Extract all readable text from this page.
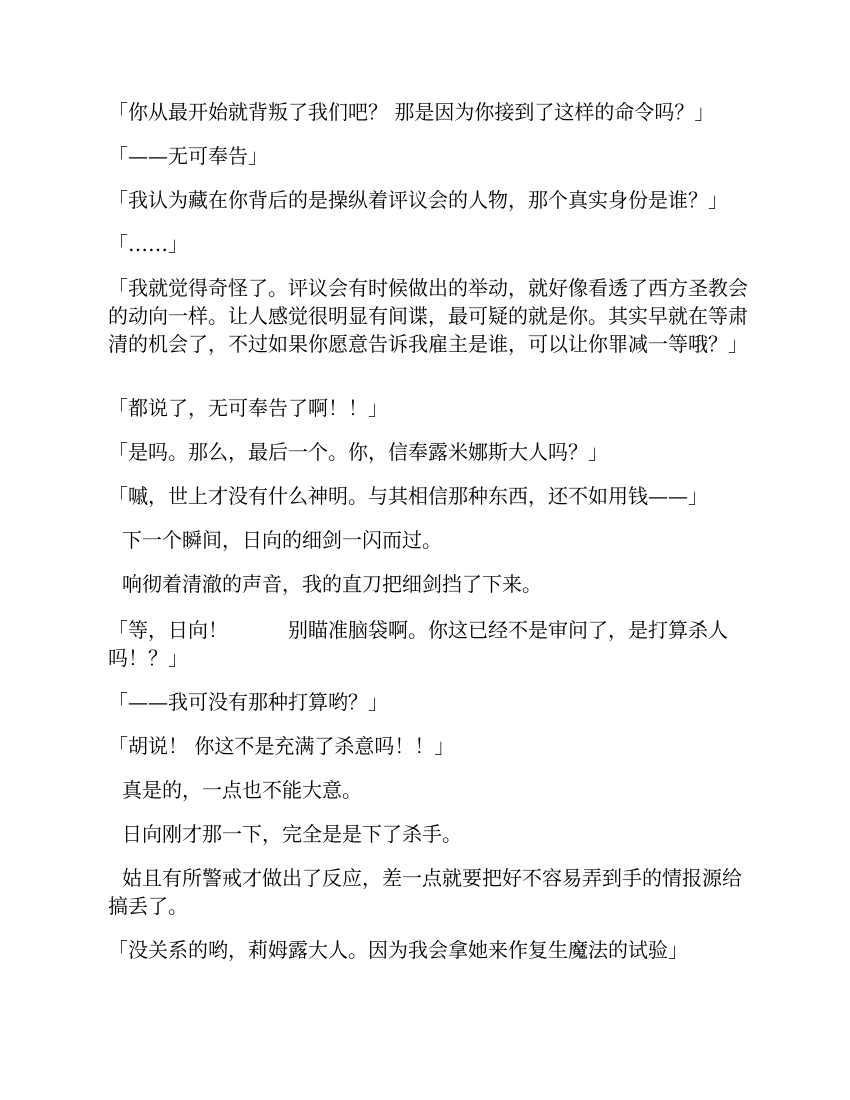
「你从最开始就背叛了我们吧？ 那是因为你接到了这样的命令吗？」

「——无可奉告」

「我认为藏在你背后的是操纵着评议会的人物，那个真实身份是谁？」

「……」

「我就觉得奇怪了。评议会有时候做出的举动，就好像看透了西方圣教会的动向一样。让人感觉很明显有间谍，最可疑的就是你。其实早就在等肃清的机会了，不过如果你愿意告诉我雇主是谁，可以让你罪减一等哦？」

「都说了，无可奉告了啊！！」

「是吗。那么，最后一个。你，信奉露米娜斯大人吗？」

「嘁，世上才没有什么神明。与其相信那种东西，还不如用钱——」

下一个瞬间，日向的细剑一闪而过。

响彻着清澈的声音，我的直刀把细剑挡了下来。

「等，日向！　　　别瞄准脑袋啊。你这已经不是审问了，是打算杀人吗！？」

「——我可没有那种打算哟？」

「胡说！ 你这不是充满了杀意吗！！」

真是的，一点也不能大意。

日向刚才那一下，完全是是下了杀手。

姑且有所警戒才做出了反应，差一点就要把好不容易弄到手的情报源给搞丢了。

「没关系的哟，莉姆露大人。因为我会拿她来作复生魔法的试验」
